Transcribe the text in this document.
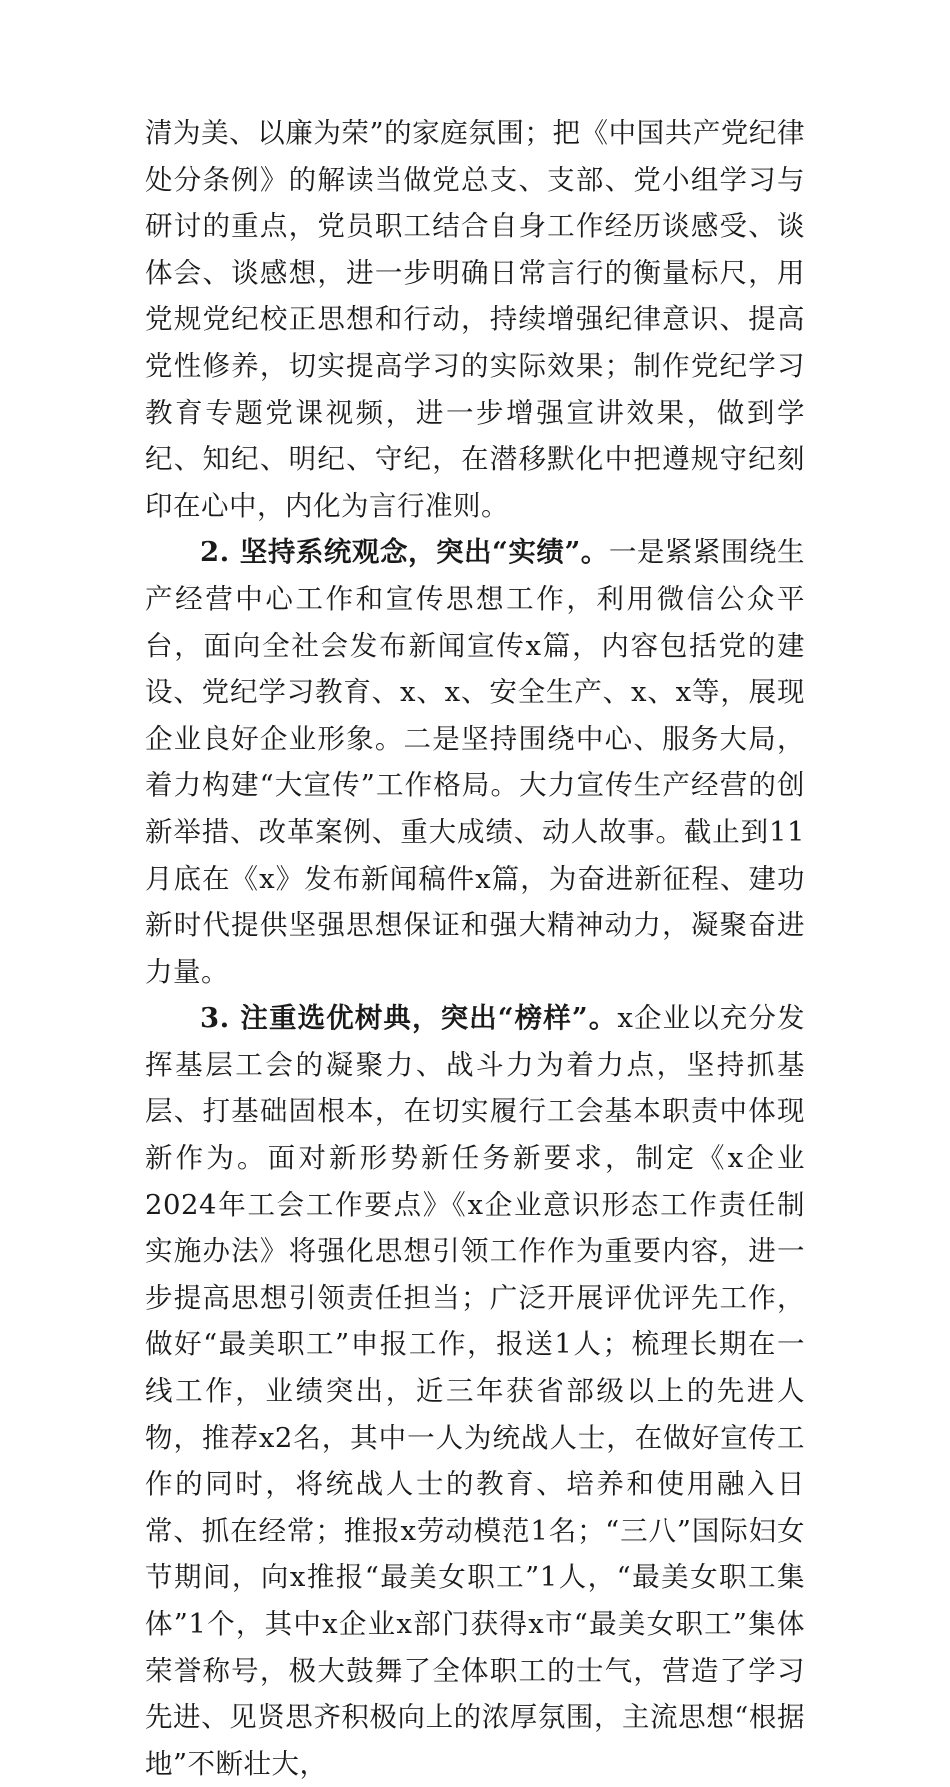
清为美、以廉为荣”的家庭氛围；把《中国共产党纪律处分条例》的解读当做党总支、支部、党小组学习与研讨的重点，党员职工结合自身工作经历谈感受、谈体会、谈感想，进一步明确日常言行的衡量标尺，用党规党纪校正思想和行动，持续增强纪律意识、提高党性修养，切实提高学习的实际效果；制作党纪学习教育专题党课视频，进一步增强宣讲效果，做到学纪、知纪、明纪、守纪，在潜移默化中把遵规守纪刻印在心中，内化为言行准则。

2. 坚持系统观念，突出“实绩”。一是紧紧围绕生产经营中心工作和宣传思想工作，利用微信公众平台，面向全社会发布新闻宣传x篇，内容包括党的建设、党纪学习教育、x、x、安全生产、x、x等，展现企业良好企业形象。二是坚持围绕中心、服务大局，着力构建“大宣传”工作格局。大力宣传生产经营的创新举措、改革案例、重大成绩、动人故事。截止到11月底在《x》发布新闻稿件x篇，为奋进新征程、建功新时代提供坚强思想保证和强大精神动力，凝聚奋进力量。

3. 注重选优树典，突出“榜样”。x企业以充分发挥基层工会的凝聚力、战斗力为着力点，坚持抓基层、打基础固根本，在切实履行工会基本职责中体现新作为。面对新形势新任务新要求，制定《x企业2024年工会工作要点》《x企业意识形态工作责任制实施办法》将强化思想引领工作作为重要内容，进一步提高思想引领责任担当；广泛开展评优评先工作，做好“最美职工”申报工作，报送1人；梳理长期在一线工作，业绩突出，近三年获省部级以上的先进人物，推荐x2名，其中一人为统战人士，在做好宣传工作的同时，将统战人士的教育、培养和使用融入日常、抓在经常；推报x劳动模范1名；“三八”国际妇女节期间，向x推报“最美女职工”1人，“最美女职工集体”1个，其中x企业x部门获得x市“最美女职工”集体荣誉称号，极大鼓舞了全体职工的士气，营造了学习先进、见贤思齐积极向上的浓厚氛围，主流思想“根据地”不断壮大，
